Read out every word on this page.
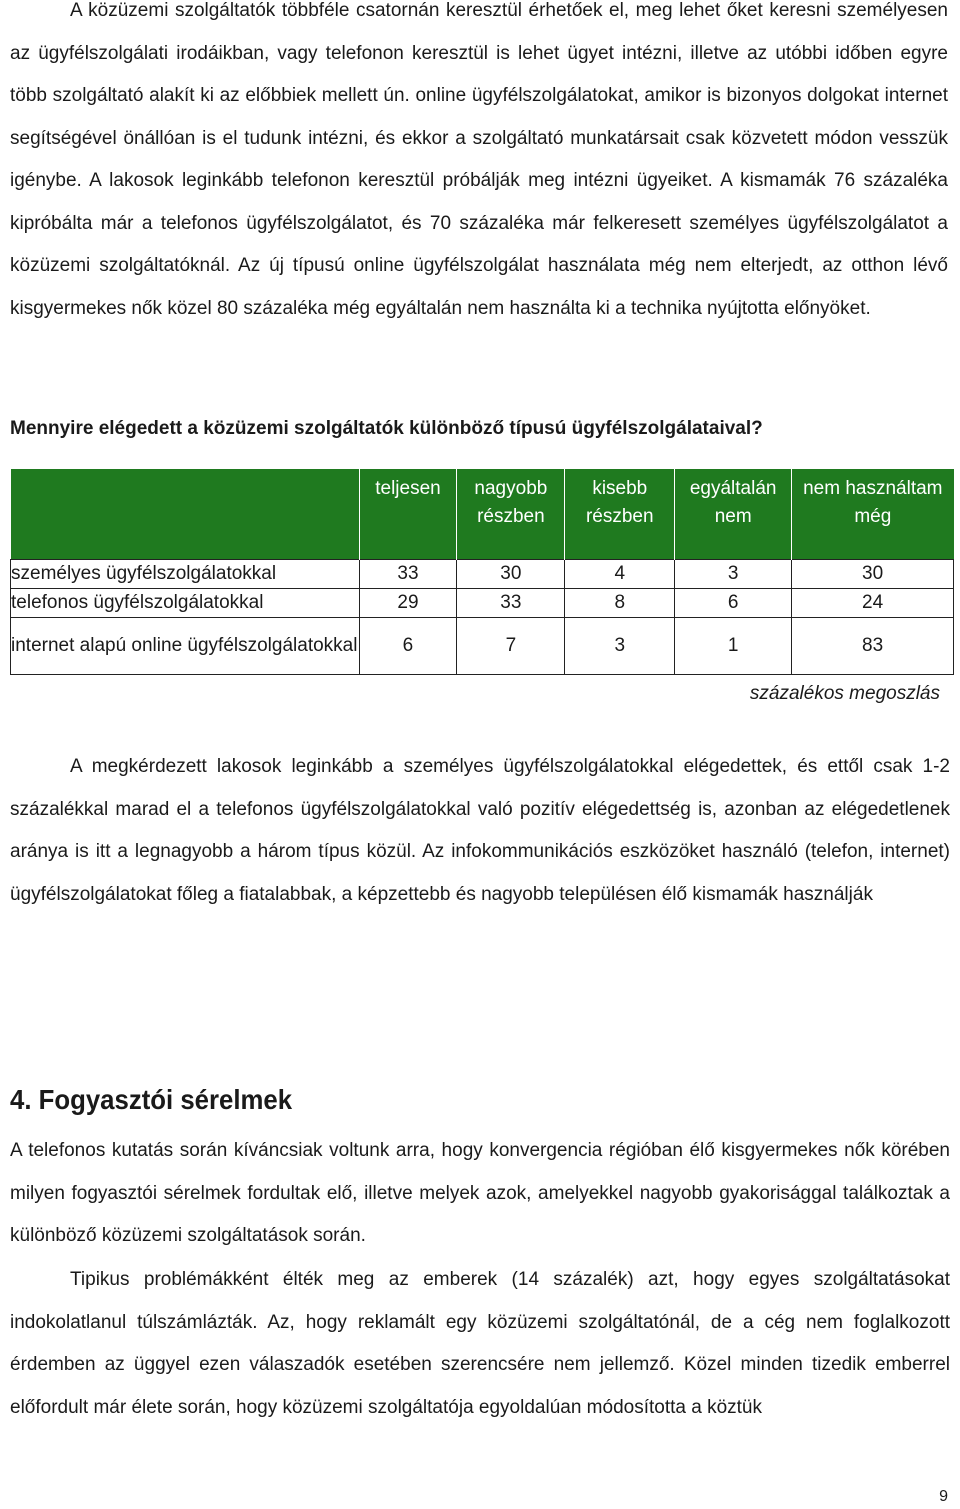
A közüzemi szolgáltatók többféle csatornán keresztül érhetőek el, meg lehet őket keresni személyesen az ügyfélszolgálati irodáikban, vagy telefonon keresztül is lehet ügyet intézni, illetve az utóbbi időben egyre több szolgáltató alakít ki az előbbiek mellett ún. online ügyfélszolgálatokat, amikor is bizonyos dolgokat internet segítségével önállóan is el tudunk intézni, és ekkor a szolgáltató munkatársait csak közvetett módon vesszük igénybe. A lakosok leginkább telefonon keresztül próbálják meg intézni ügyeiket. A kismamák 76 százaléka kipróbálta már a telefonos ügyfélszolgálatot, és 70 százaléka már felkeresett személyes ügyfélszolgálatot a közüzemi szolgáltatóknál. Az új típusú online ügyfélszolgálat használata még nem elterjedt, az otthon lévő kisgyermekes nők közel 80 százaléka még egyáltalán nem használta ki a technika nyújtotta előnyöket.

Mennyire elégedett a közüzemi szolgáltatók különböző típusú ügyfélszolgálataival?

	teljesen	nagyobb részben	kisebb részben	egyáltalán nem	nem használtam még
személyes ügyfélszolgálatokkal	33	30	4	3	30
telefonos ügyfélszolgálatokkal	29	33	8	6	24
internet alapú online ügyfélszolgálatokkal	6	7	3	1	83
százalékos megoszlás

A megkérdezett lakosok leginkább a személyes ügyfélszolgálatokkal elégedettek, és ettől csak 1-2 százalékkal marad el a telefonos ügyfélszolgálatokkal való pozitív elégedettség is, azonban az elégedetlenek aránya is itt a legnagyobb a három típus közül. Az infokommunikációs eszközöket használó (telefon, internet) ügyfélszolgálatokat főleg a fiatalabbak, a képzettebb és nagyobb településen élő kismamák használják

4. Fogyasztói sérelmek

A telefonos kutatás során kíváncsiak voltunk arra, hogy konvergencia régióban élő kisgyermekes nők körében milyen fogyasztói sérelmek fordultak elő, illetve melyek azok, amelyekkel nagyobb gyakorisággal találkoztak a különböző közüzemi szolgáltatások során.

Tipikus problémákként élték meg az emberek (14 százalék) azt, hogy egyes szolgáltatásokat indokolatlanul túlszámlázták. Az, hogy reklamált egy közüzemi szolgáltatónál, de a cég nem foglalkozott érdemben az üggyel ezen válaszadók esetében szerencsére nem jellemző. Közel minden tizedik emberrel előfordult már élete során, hogy közüzemi szolgáltatója egyoldalúan módosította a köztük

9
